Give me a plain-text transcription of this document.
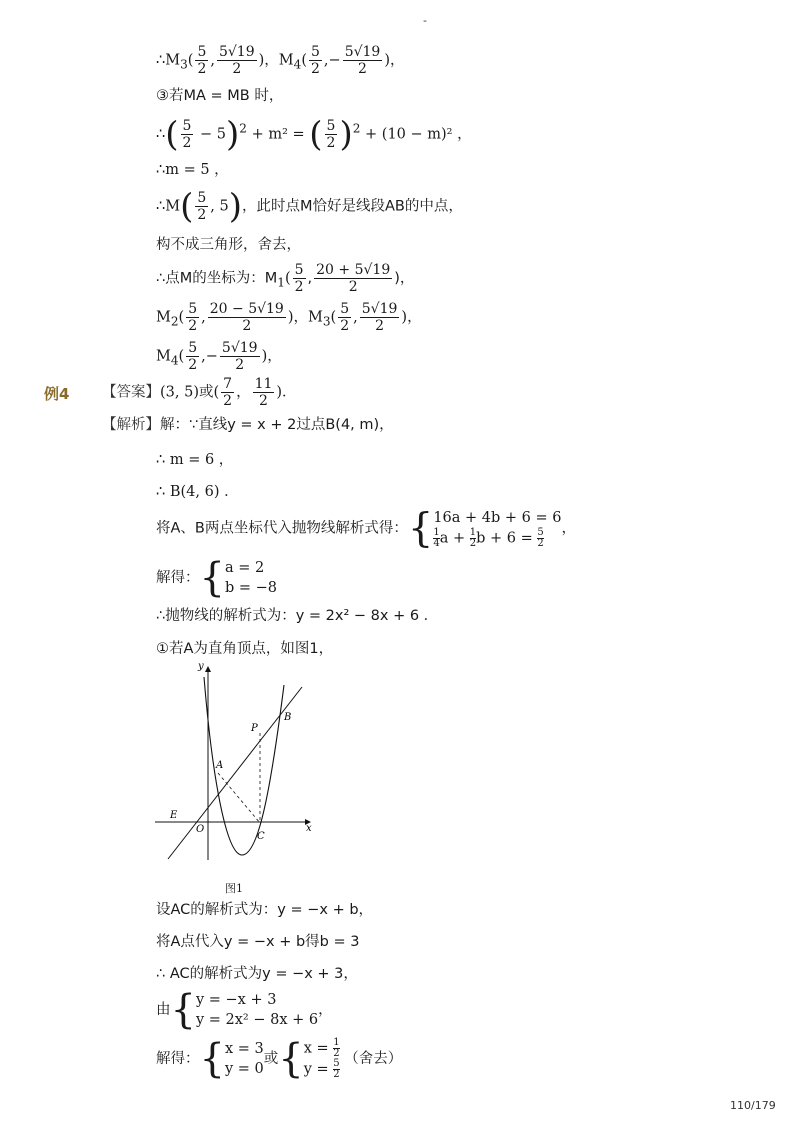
-
$\therefore M_3( \frac{5}{2}$ , $\frac{5√19}{2}$ )，$M_4( \frac{5}{2}$ ,− $\frac{5√19}{2}$ )，
③若MA = MB 时，
∴( $\frac{5}{2} - 5)^2 + m^2$ = ( $\frac{5}{2} )^2 + (10 - m)^2$ ，
∴m = 5 ，
∴M( $\frac{5}{2}$ , 5)，此时点M恰好是线段AB的中点，
构不成三角形，舍去，
∴点M的坐标为：$M_1( \frac{5}{2}$ , $\frac{20 + 5√19}{2}$ )，
$M_2( \frac{5}{2}$ , $\frac{20 - 5√19}{2}$ )，$M_3( \frac{5}{2}$ , $\frac{5√19}{2}$ )，
$M_4( \frac{5}{2}$ ,− $\frac{5√19}{2}$ )，
例4 【答案】(3, 5)或( $\frac{7}{2}$ ， $\frac{11}{2}$ )．
【解析】解：∵直线y = x + 2过点B(4, m)，
∴ m = 6 ，
∴ B(4, 6) ．
将A、B两点坐标代入抛物线解析式得：{ 16a + 4b + 6 = 6
$\frac{1}{4}$ $a + \frac{1}{2}$ $b + 6 = \frac{5}{2}$ ，
解得：{ a = 2
b = −8
∴抛物线的解析式为：y = 2x² − 8x + 6 ．
①若A为直角顶点，如图1，
y
x
O
E
A
P
B
C
图1
设AC的解析式为：y = −x + b，
将A点代入y = −x + b得b = 3
∴ AC的解析式为y = −x + 3，
由{ y = −x + 3
y = 2x² − 8x + 6
，
解得：{ x = 3
y = 0
或{ $x = \frac{1}{2}$
$y = \frac{5}{2}$ （舍去）
110/179
